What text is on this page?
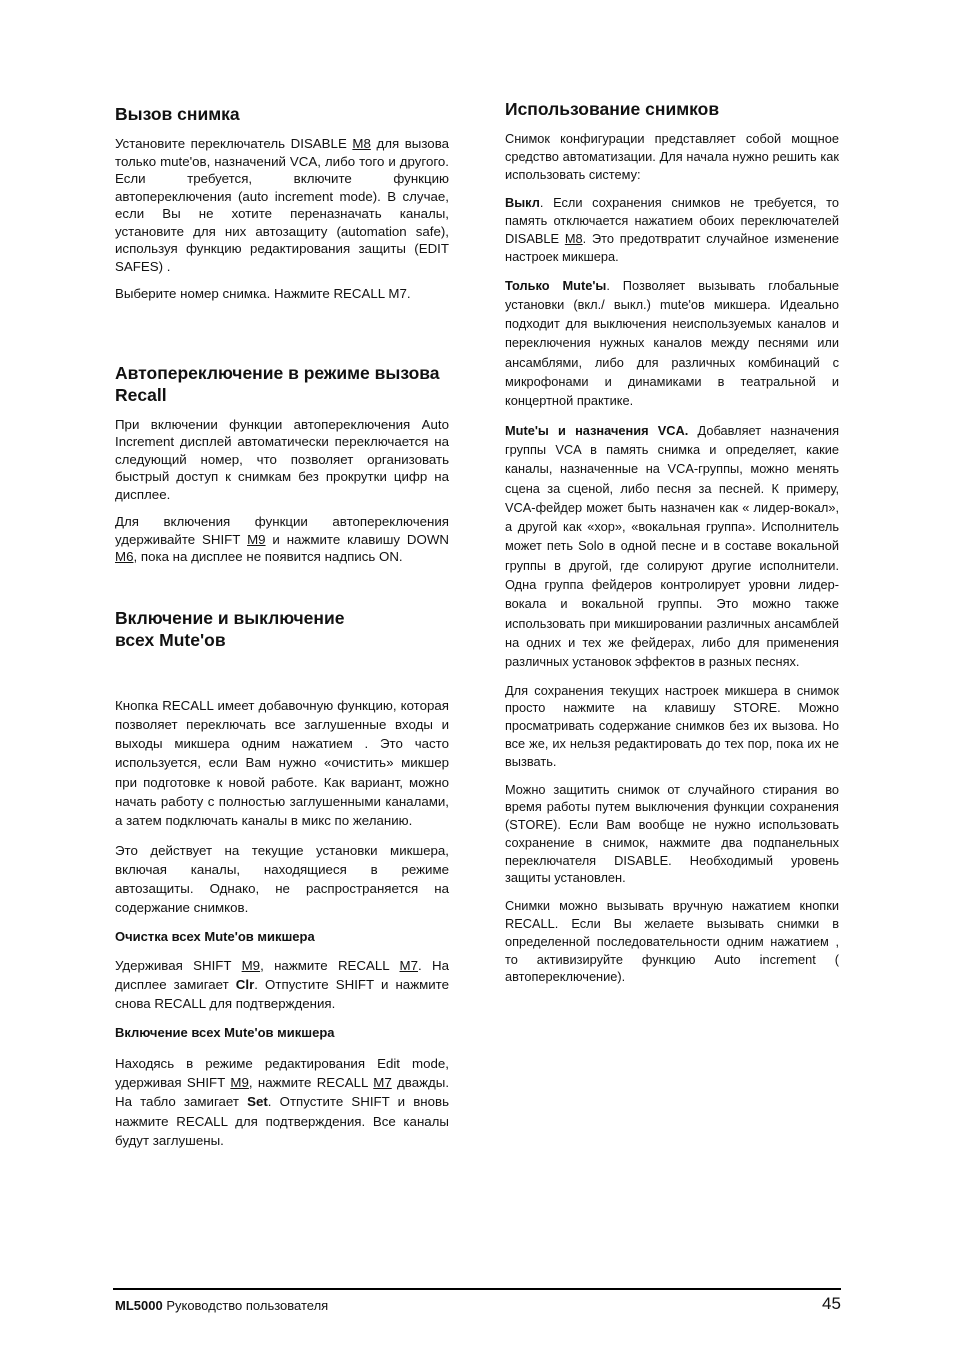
Вызов снимка

Установите переключатель DISABLE M8 для вызова только mute'ов, назначений VCA, либо того и другого. Если требуется, включите функцию автопереключения (auto increment mode). В случае, если Вы не хотите переназначать каналы, установите для них автозащиту (automation safe), используя функцию редактирования защиты (EDIT SAFES) .

Выберите номер снимка. Нажмите RECALL M7.

Автопереключение в режиме вызова Recall

При включении функции автопереключения Auto Increment дисплей автоматически переключается на следующий номер, что позволяет организовать быстрый доступ к снимкам без прокрутки цифр на дисплее.

Для включения функции автопереключения удерживайте SHIFT M9 и нажмите клавишу DOWN M6, пока на дисплее не появится надпись ON.

Включение и выключение всех Mute'ов

Кнопка RECALL имеет добавочную функцию, которая позволяет переключать все заглушенные входы и выходы микшера одним нажатием . Это часто используется, если Вам нужно «очистить» микшер при подготовке к новой работе. Как вариант, можно начать работу с полностью заглушенными каналами, а затем подключать каналы в микс по желанию.

Это действует на текущие установки микшера, включая каналы, находящиеся в режиме автозащиты. Однако, не распространяется на содержание снимков.

Очистка всех Mute'ов микшера

Удерживая SHIFT M9, нажмите RECALL M7. На дисплее замигает Clr. Отпустите SHIFT и нажмите снова RECALL для подтверждения.

Включение всех Mute'ов микшера

Находясь в режиме редактирования Edit mode, удерживая SHIFT M9, нажмите RECALL M7 дважды. На табло замигает Set. Отпустите SHIFT и вновь нажмите RECALL для подтверждения. Все каналы будут заглушены.

Использование снимков

Снимок конфигурации представляет собой мощное средство автоматизации. Для начала нужно решить как использовать систему:

Выкл. Если сохранения снимков не требуется, то память отключается нажатием обоих переключателей DISABLE M8. Это предотвратит случайное изменение настроек микшера.

Только Mute'ы. Позволяет вызывать глобальные установки (вкл./ выкл.) mute'ов микшера. Идеально подходит для выключения неиспользуемых каналов и переключения нужных каналов между песнями или ансамблями, либо для различных комбинаций с микрофонами и динамиками в театральной и концертной практике.

Mute'ы и назначения VCA. Добавляет назначения группы VCA в память снимка и определяет, какие каналы, назначенные на VCA-группы, можно менять сцена за сценой, либо песня за песней. К примеру, VCA-фейдер может быть назначен как « лидер-вокал», а другой как «хор», «вокальная группа». Исполнитель может петь Solo в одной песне и в составе вокальной группы в другой, где солируют другие исполнители. Одна группа фейдеров контролирует уровни лидер-вокала и вокальной группы. Это можно также использовать при микшировании различных ансамблей на одних и тех же фейдерах, либо для применения различных установок эффектов в разных песнях.

Для сохранения текущих настроек микшера в снимок просто нажмите на клавишу STORE. Можно просматривать содержание снимков без их вызова. Но все же, их нельзя редактировать до тех пор, пока их не вызвать.

Можно защитить снимок от случайного стирания во время работы путем выключения функции сохранения (STORE). Если Вам вообще не нужно использовать сохранение в снимок, нажмите два подпанельных переключателя DISABLE. Необходимый уровень защиты установлен.

Снимки можно вызывать вручную нажатием кнопки RECALL. Если Вы желаете вызывать снимки в определенной последовательности одним нажатием , то активизируйте функцию Auto increment ( автопереключение).

ML5000 Руководство пользователя	45
